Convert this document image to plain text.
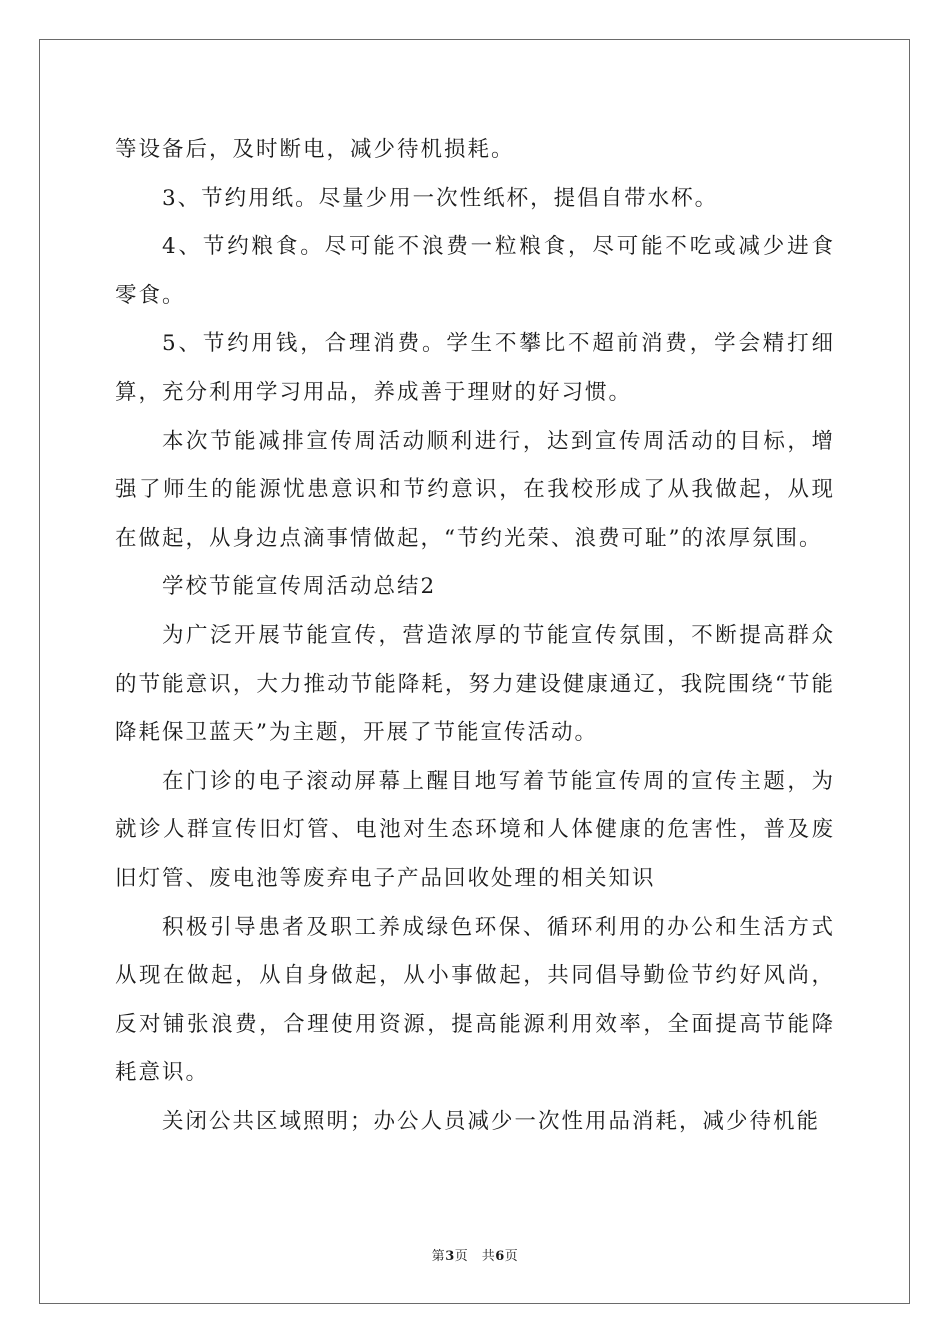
等设备后，及时断电，减少待机损耗。

3、节约用纸。尽量少用一次性纸杯，提倡自带水杯。

4、节约粮食。尽可能不浪费一粒粮食，尽可能不吃或减少进食零食。

5、节约用钱，合理消费。学生不攀比不超前消费，学会精打细算，充分利用学习用品，养成善于理财的好习惯。

本次节能减排宣传周活动顺利进行，达到宣传周活动的目标，增强了师生的能源忧患意识和节约意识，在我校形成了从我做起，从现在做起，从身边点滴事情做起，“节约光荣、浪费可耻”的浓厚氛围。

学校节能宣传周活动总结2

为广泛开展节能宣传，营造浓厚的节能宣传氛围，不断提高群众的节能意识，大力推动节能降耗，努力建设健康通辽，我院围绕“节能降耗保卫蓝天”为主题，开展了节能宣传活动。

在门诊的电子滚动屏幕上醒目地写着节能宣传周的宣传主题，为就诊人群宣传旧灯管、电池对生态环境和人体健康的危害性，普及废旧灯管、废电池等废弃电子产品回收处理的相关知识

积极引导患者及职工养成绿色环保、循环利用的办公和生活方式从现在做起，从自身做起，从小事做起，共同倡导勤俭节约好风尚，反对铺张浪费，合理使用资源，提高能源利用效率，全面提高节能降耗意识。

关闭公共区域照明；办公人员减少一次性用品消耗，减少待机能

第3页　共6页
